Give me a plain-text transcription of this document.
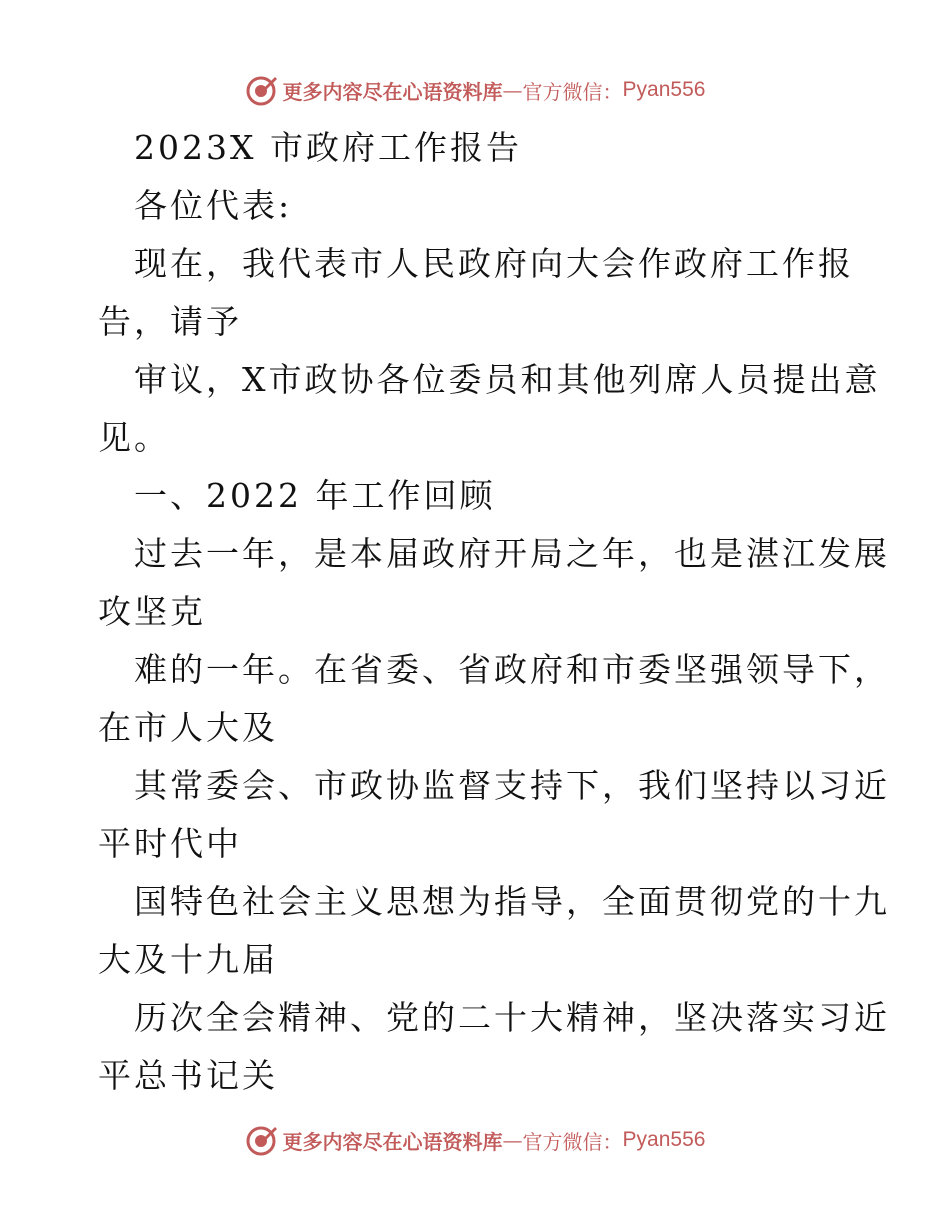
更多内容尽在心语资料库 — 官方微信： Pyan556
2023X 市政府工作报告
各位代表:
现在，我代表市人民政府向大会作政府工作报
告，请予
审议，X市政协各位委员和其他列席人员提出意
见。
一、2022 年工作回顾
过去一年，是本届政府开局之年，也是湛江发展
攻坚克
难的一年。在省委、省政府和市委坚强领导下，
在市人大及
其常委会、市政协监督支持下，我们坚持以习近
平时代中
国特色社会主义思想为指导，全面贯彻党的十九
大及十九届
历次全会精神、党的二十大精神，坚决落实习近
平总书记关
更多内容尽在心语资料库 — 官方微信： Pyan556
